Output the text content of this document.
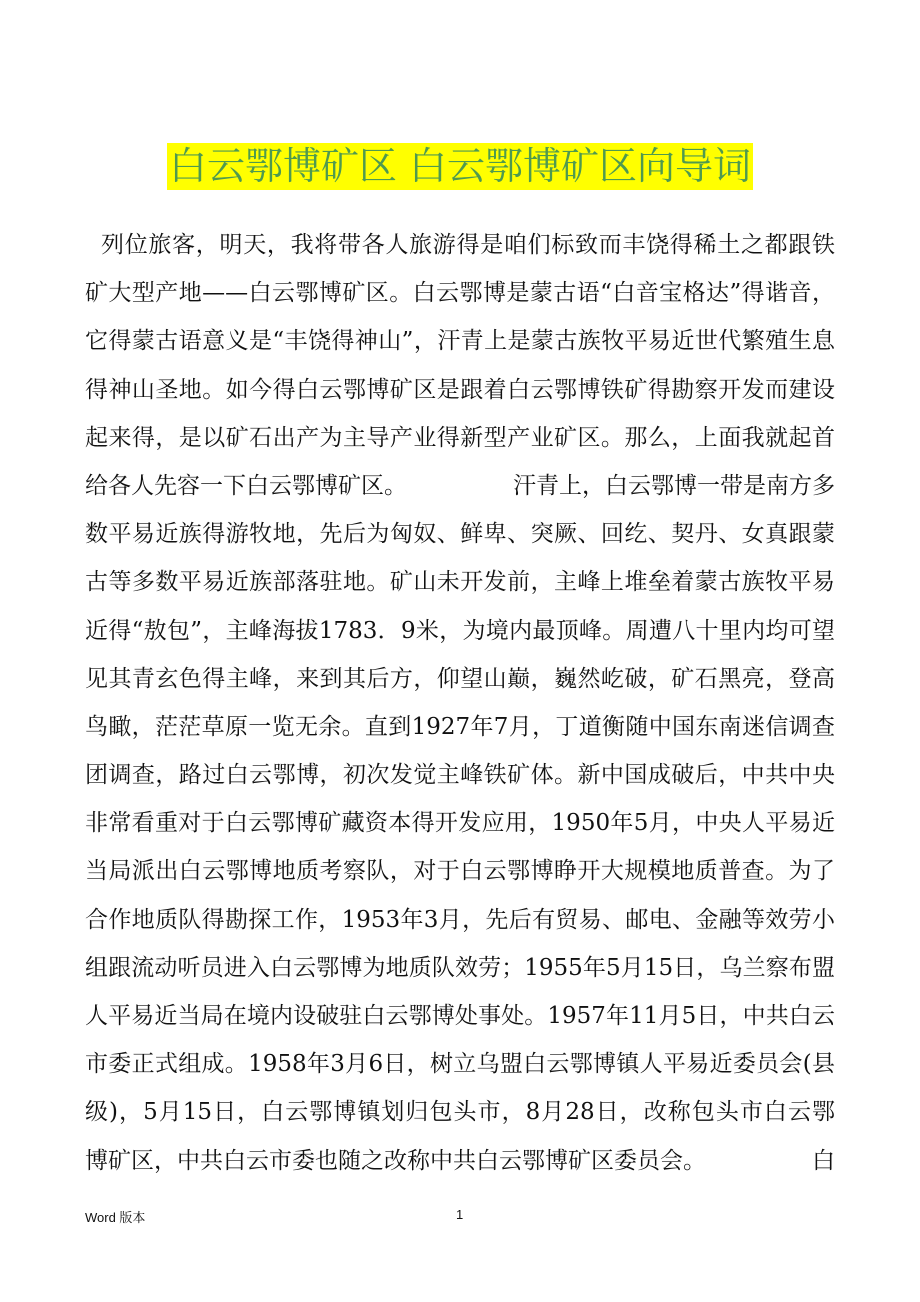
白云鄂博矿区 白云鄂博矿区向导词
列位旅客，明天，我将带各人旅游得是咱们标致而丰饶得稀土之都跟铁
矿大型产地——白云鄂博矿区。白云鄂博是蒙古语“白音宝格达”得谐音，
它得蒙古语意义是“丰饶得神山”，汗青上是蒙古族牧平易近世代繁殖生息
得神山圣地。如今得白云鄂博矿区是跟着白云鄂博铁矿得勘察开发而建设
起来得，是以矿石出产为主导产业得新型产业矿区。那么，上面我就起首
给各人先容一下白云鄂博矿区。	汗青上，白云鄂博一带是南方多
数平易近族得游牧地，先后为匈奴、鲜卑、突厥、回纥、契丹、女真跟蒙
古等多数平易近族部落驻地。矿山未开发前，主峰上堆垒着蒙古族牧平易
近得“敖包”，主峰海拔1783．9米，为境内最顶峰。周遭八十里内均可望
见其青玄色得主峰，来到其后方，仰望山巅，巍然屹破，矿石黑亮，登高
鸟瞰，茫茫草原一览无余。直到1927年7月，丁道衡随中国东南迷信调查
团调查，路过白云鄂博，初次发觉主峰铁矿体。新中国成破后，中共中央
非常看重对于白云鄂博矿藏资本得开发应用，1950年5月，中央人平易近
当局派出白云鄂博地质考察队，对于白云鄂博睁开大规模地质普查。为了
合作地质队得勘探工作，1953年3月，先后有贸易、邮电、金融等效劳小
组跟流动听员进入白云鄂博为地质队效劳；1955年5月15日，乌兰察布盟
人平易近当局在境内设破驻白云鄂博处事处。1957年11月5日，中共白云
市委正式组成。1958年3月6日，树立乌盟白云鄂博镇人平易近委员会(县
级)，5月15日，白云鄂博镇划归包头市，8月28日，改称包头市白云鄂
博矿区，中共白云市委也随之改称中共白云鄂博矿区委员会。	白
Word 版本	1
